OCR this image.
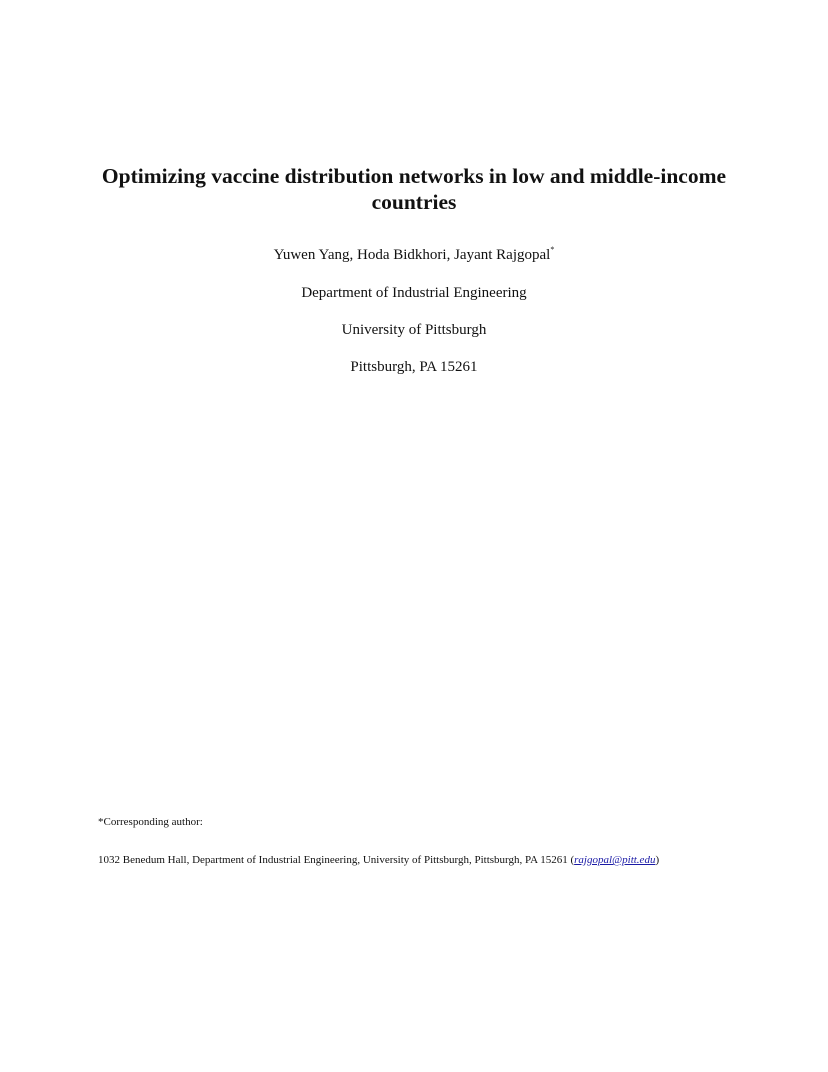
Optimizing vaccine distribution networks in low and middle-income countries

Yuwen Yang, Hoda Bidkhori, Jayant Rajgopal*

Department of Industrial Engineering

University of Pittsburgh

Pittsburgh, PA 15261

*Corresponding author:

1032 Benedum Hall, Department of Industrial Engineering, University of Pittsburgh, Pittsburgh, PA 15261 (rajgopal@pitt.edu)
